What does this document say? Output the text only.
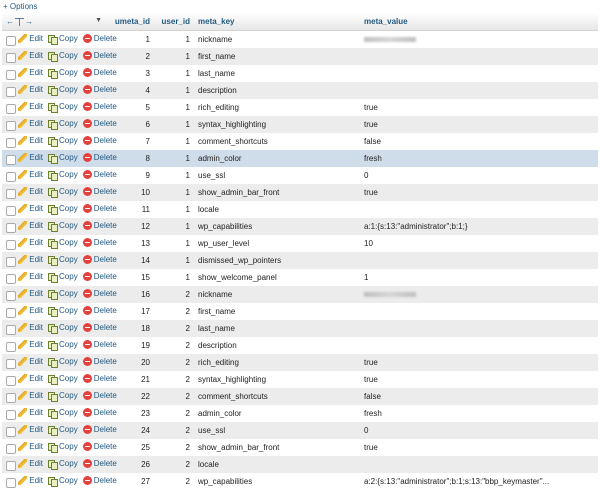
+ Options
← → ▼	umeta_id	user_id	meta_key	meta_value

Edit Copy Delete	1	1	nickname	

Edit Copy Delete	2	1	first_name	

Edit Copy Delete	3	1	last_name	

Edit Copy Delete	4	1	description	

Edit Copy Delete	5	1	rich_editing	true

Edit Copy Delete	6	1	syntax_highlighting	true

Edit Copy Delete	7	1	comment_shortcuts	false

Edit Copy Delete	8	1	admin_color	fresh

Edit Copy Delete	9	1	use_ssl	0

Edit Copy Delete	10	1	show_admin_bar_front	true

Edit Copy Delete	11	1	locale	

Edit Copy Delete	12	1	wp_capabilities	a:1:{s:13:"administrator";b:1;}

Edit Copy Delete	13	1	wp_user_level	10

Edit Copy Delete	14	1	dismissed_wp_pointers	

Edit Copy Delete	15	1	show_welcome_panel	1

Edit Copy Delete	16	2	nickname	

Edit Copy Delete	17	2	first_name	

Edit Copy Delete	18	2	last_name	

Edit Copy Delete	19	2	description	

Edit Copy Delete	20	2	rich_editing	true

Edit Copy Delete	21	2	syntax_highlighting	true

Edit Copy Delete	22	2	comment_shortcuts	false

Edit Copy Delete	23	2	admin_color	fresh

Edit Copy Delete	24	2	use_ssl	0

Edit Copy Delete	25	2	show_admin_bar_front	true

Edit Copy Delete	26	2	locale	

Edit Copy Delete	27	2	wp_capabilities	a:2:{s:13:"administrator";b:1;s:13:"bbp_keymaster"...
